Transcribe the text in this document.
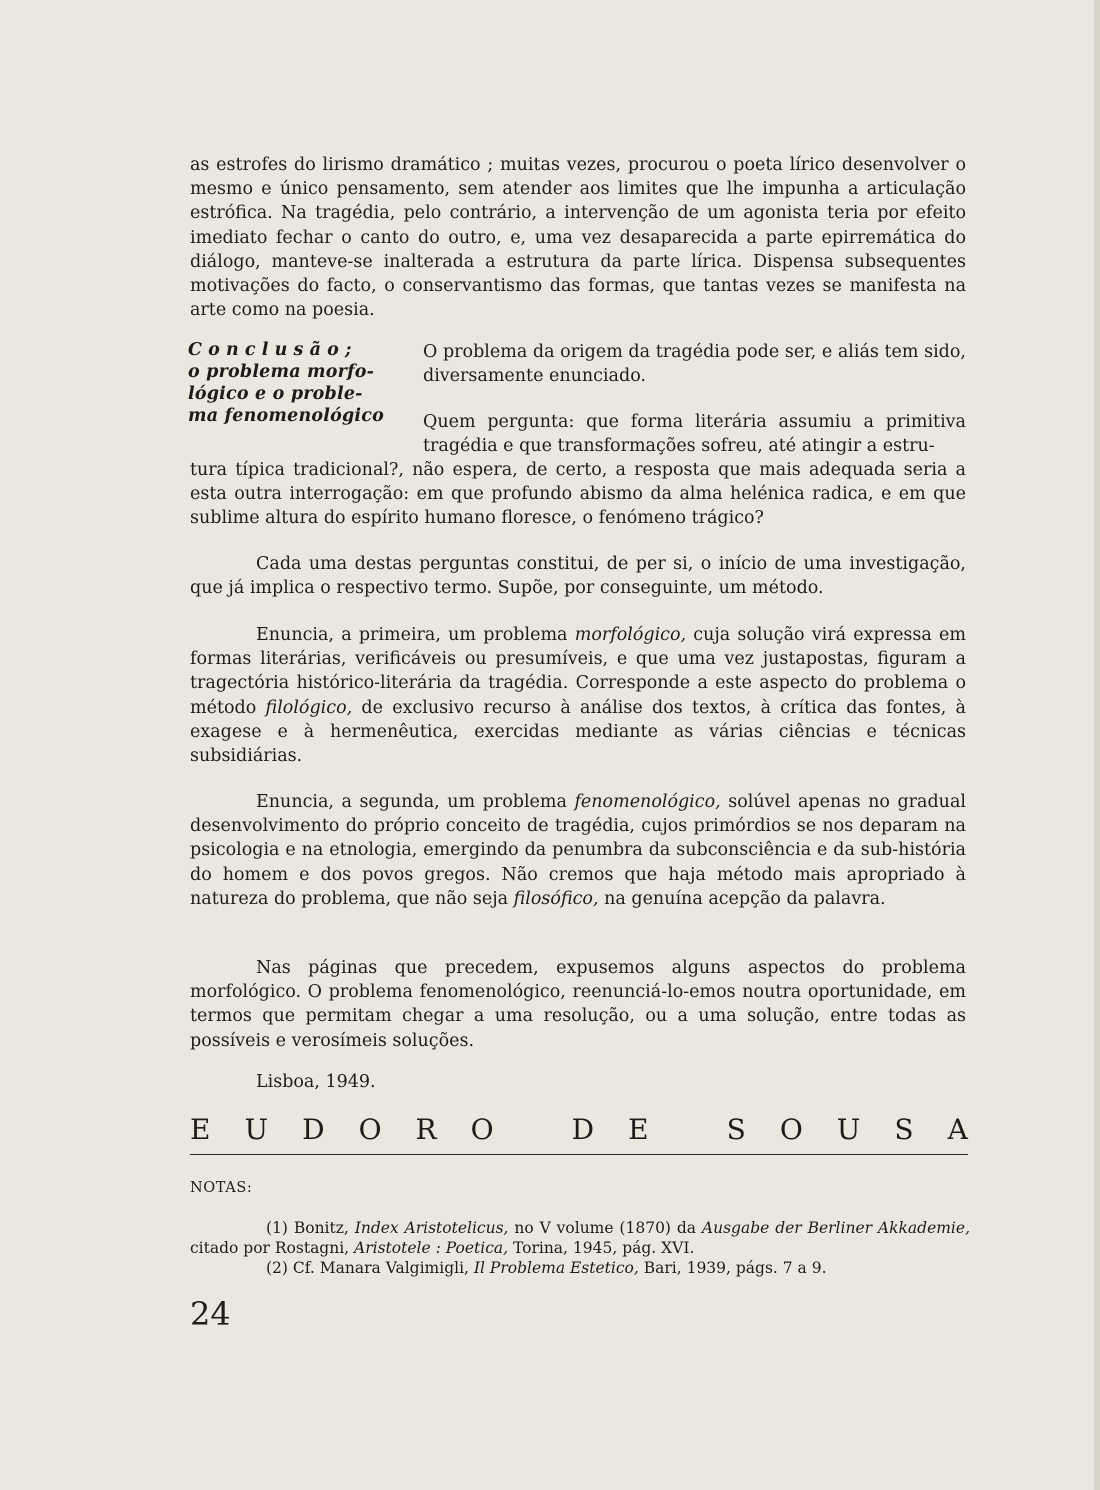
as estrofes do lirismo dramático ; muitas vezes, procurou o poeta lírico desenvolver o mesmo e único pensamento, sem atender aos limites que lhe impunha a articulação estrófica. Na tragédia, pelo contrário, a intervenção de um agonista teria por efeito imediato fechar o canto do outro, e, uma vez desaparecida a parte epirremática do diálogo, manteve-se inalterada a estrutura da parte lírica. Dispensa subsequentes motivações do facto, o conservantismo das formas, que tantas vezes se manifesta na arte como na poesia.

Conclusão;
o problema morfo-
lógico e o proble-
ma fenomenológico

O problema da origem da tragédia pode ser, e aliás tem sido, diversamente enunciado.

Quem pergunta: que forma literária assumiu a primitiva tragédia e que transformações sofreu, até atingir a estru-

tura típica tradicional?, não espera, de certo, a resposta que mais adequada seria a esta outra interrogação: em que profundo abismo da alma helénica radica, e em que sublime altura do espírito humano floresce, o fenómeno trágico?

Cada uma destas perguntas constitui, de per si, o início de uma investigação, que já implica o respectivo termo. Supõe, por conseguinte, um método.

Enuncia, a primeira, um problema morfológico, cuja solução virá expressa em formas literárias, verificáveis ou presumíveis, e que uma vez justapostas, figuram a tragectória histórico-literária da tragédia. Corresponde a este aspecto do problema o método filológico, de exclusivo recurso à análise dos textos, à crítica das fontes, à exagese e à hermenêutica, exercidas mediante as várias ciências e técnicas subsidiárias.

Enuncia, a segunda, um problema fenomenológico, solúvel apenas no gradual desenvolvimento do próprio conceito de tragédia, cujos primórdios se nos deparam na psicologia e na etnologia, emergindo da penumbra da subconsciência e da sub-história do homem e dos povos gregos. Não cremos que haja método mais apropriado à natureza do problema, que não seja filosófico, na genuína acepção da palavra.

Nas páginas que precedem, expusemos alguns aspectos do problema morfológico. O problema fenomenológico, reenunciá-lo-emos noutra oportunidade, em termos que permitam chegar a uma resolução, ou a uma solução, entre todas as possíveis e verosímeis soluções.

Lisboa, 1949.

E U D O R O	D E	S O U S A
NOTAS:

(1) Bonitz, Index Aristotelicus, no V volume (1870) da Ausgabe der Berliner Akkademie, citado por Rostagni, Aristotele : Poetica, Torina, 1945, pág. XVI.

(2) Cf. Manara Valgimigli, Il Problema Estetico, Bari, 1939, págs. 7 a 9.

24
